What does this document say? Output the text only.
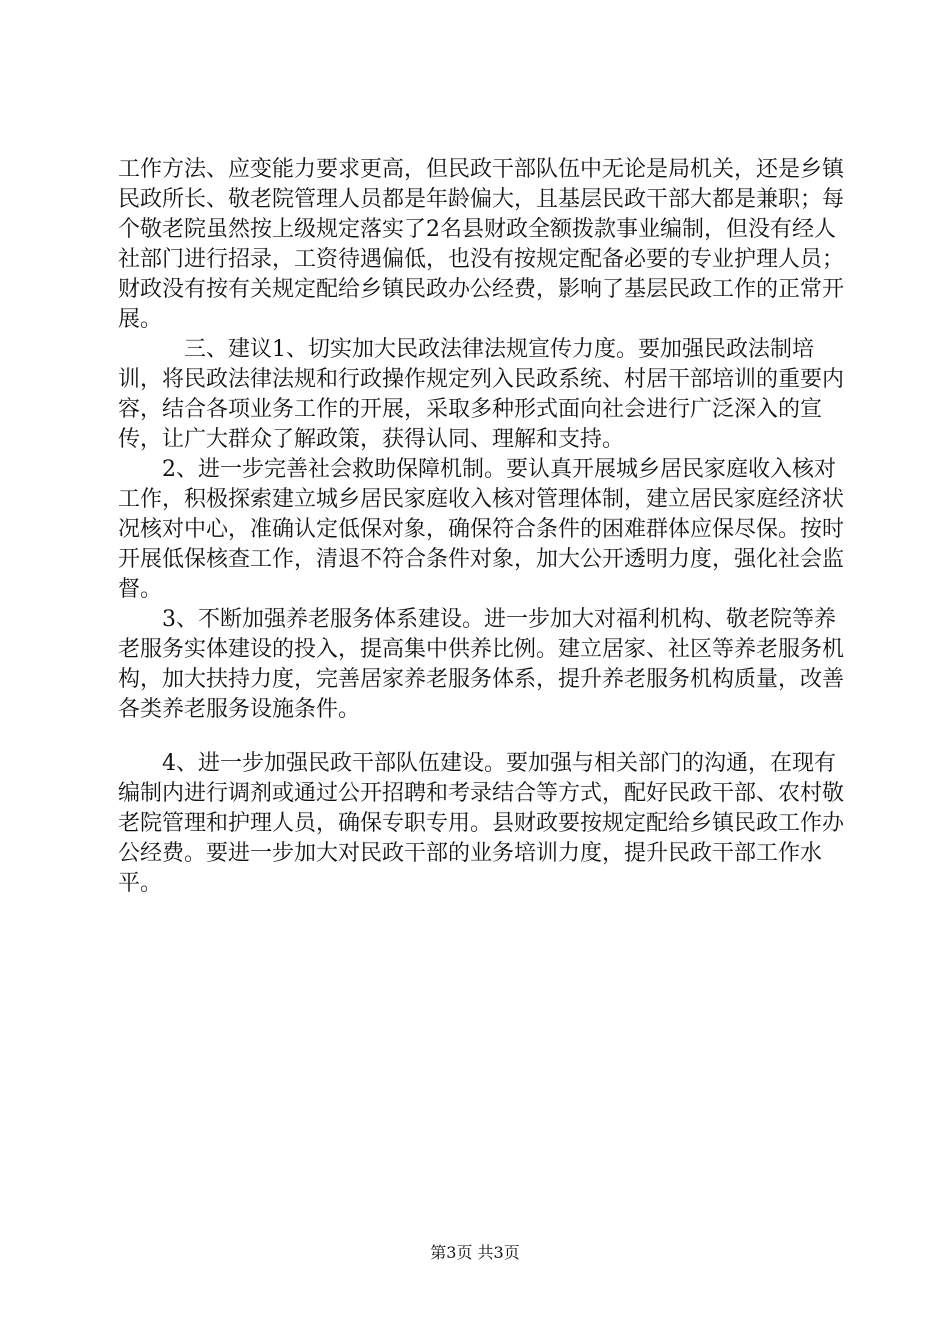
工作方法、应变能力要求更高，但民政干部队伍中无论是局机关，还是乡镇民政所长、敬老院管理人员都是年龄偏大，且基层民政干部大都是兼职；每个敬老院虽然按上级规定落实了2名县财政全额拨款事业编制，但没有经人社部门进行招录，工资待遇偏低，也没有按规定配备必要的专业护理人员；财政没有按有关规定配给乡镇民政办公经费，影响了基层民政工作的正常开展。

三、建议1、切实加大民政法律法规宣传力度。要加强民政法制培训，将民政法律法规和行政操作规定列入民政系统、村居干部培训的重要内容，结合各项业务工作的开展，采取多种形式面向社会进行广泛深入的宣传，让广大群众了解政策，获得认同、理解和支持。

2、进一步完善社会救助保障机制。要认真开展城乡居民家庭收入核对工作，积极探索建立城乡居民家庭收入核对管理体制，建立居民家庭经济状况核对中心，准确认定低保对象，确保符合条件的困难群体应保尽保。按时开展低保核查工作，清退不符合条件对象，加大公开透明力度，强化社会监督。

3、不断加强养老服务体系建设。进一步加大对福利机构、敬老院等养老服务实体建设的投入，提高集中供养比例。建立居家、社区等养老服务机构，加大扶持力度，完善居家养老服务体系，提升养老服务机构质量，改善各类养老服务设施条件。

4、进一步加强民政干部队伍建设。要加强与相关部门的沟通，在现有编制内进行调剂或通过公开招聘和考录结合等方式，配好民政干部、农村敬老院管理和护理人员，确保专职专用。县财政要按规定配给乡镇民政工作办公经费。要进一步加大对民政干部的业务培训力度，提升民政干部工作水平。

第3页 共3页
